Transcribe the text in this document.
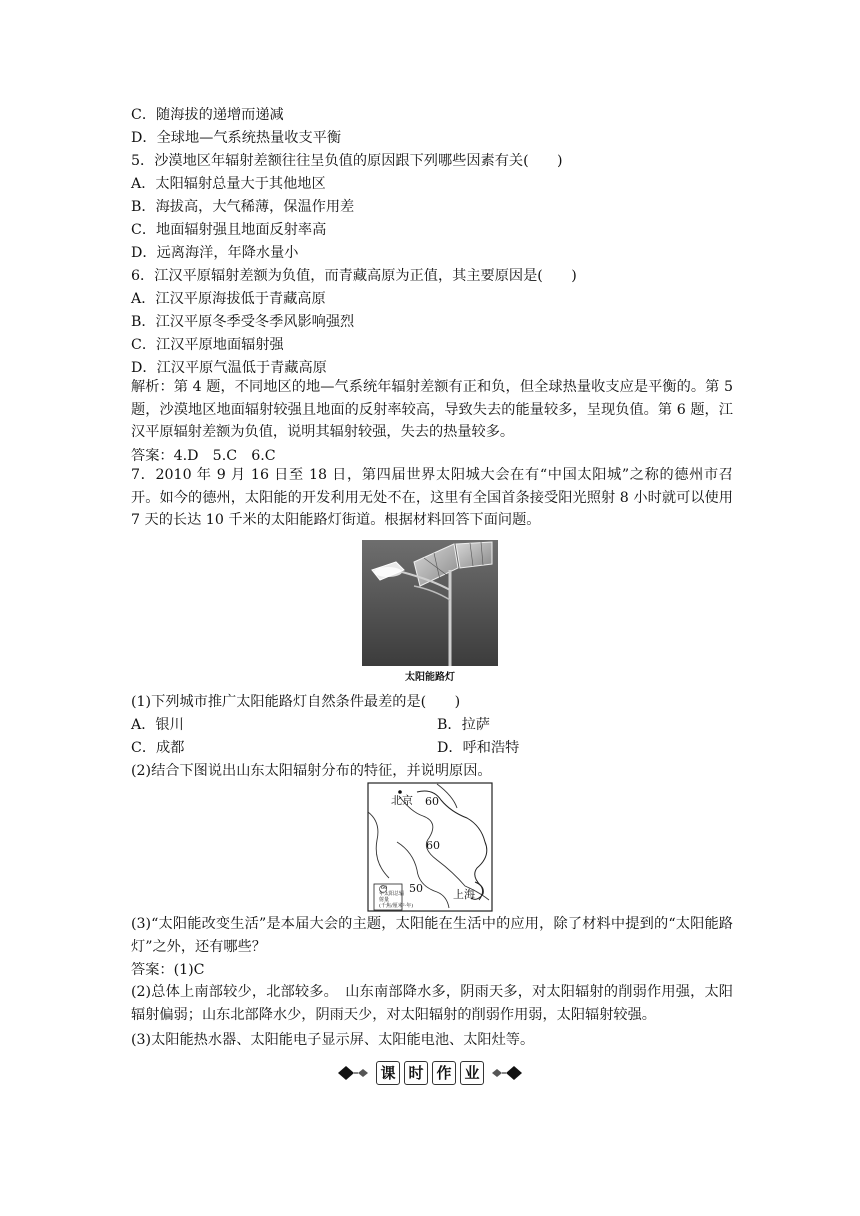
C．随海拔的递增而递减
D．全球地—气系统热量收支平衡
5．沙漠地区年辐射差额往往呈负值的原因跟下列哪些因素有关(　　)
A．太阳辐射总量大于其他地区
B．海拔高，大气稀薄，保温作用差
C．地面辐射强且地面反射率高
D．远离海洋，年降水量小
6．江汉平原辐射差额为负值，而青藏高原为正值，其主要原因是(　　)
A．江汉平原海拔低于青藏高原
B．江汉平原冬季受冬季风影响强烈
C．江汉平原地面辐射强
D．江汉平原气温低于青藏高原
解析：第 4 题，不同地区的地—气系统年辐射差额有正和负，但全球热量收支应是平衡的。第 5 题，沙漠地区地面辐射较强且地面的反射率较高，导致失去的能量较多，呈现负值。第 6 题，江汉平原辐射差额为负值，说明其辐射较强，失去的热量较多。
答案：4.D　5.C　6.C
7．2010 年 9 月 16 日至 18 日，第四届世界太阳城大会在有“中国太阳城”之称的德州市召开。如今的德州，太阳能的开发利用无处不在，这里有全国首条接受阳光照射 8 小时就可以使用 7 天的长达 10 千米的太阳能路灯街道。根据材料回答下面问题。
太阳能路灯
(1)下列城市推广太阳能路灯自然条件最差的是(　　)
A．银川	B．拉萨
C．成都	D．呼和浩特
(2)结合下图说出山东太阳辐射分布的特征，并说明原因。
北京 60
60
50	上海
60
年太阳总辐
射量
(千焦/厘米²·年)
(3)“太阳能改变生活”是本届大会的主题，太阳能在生活中的应用，除了材料中提到的“太阳能路灯”之外，还有哪些？
答案：(1)C
(2)总体上南部较少，北部较多。　山东南部降水多，阴雨天多，对太阳辐射的削弱作用强，太阳辐射偏弱；山东北部降水少，阴雨天少，对太阳辐射的削弱作用弱，太阳辐射较强。
(3)太阳能热水器、太阳能电子显示屏、太阳能电池、太阳灶等。
课 时 作 业
